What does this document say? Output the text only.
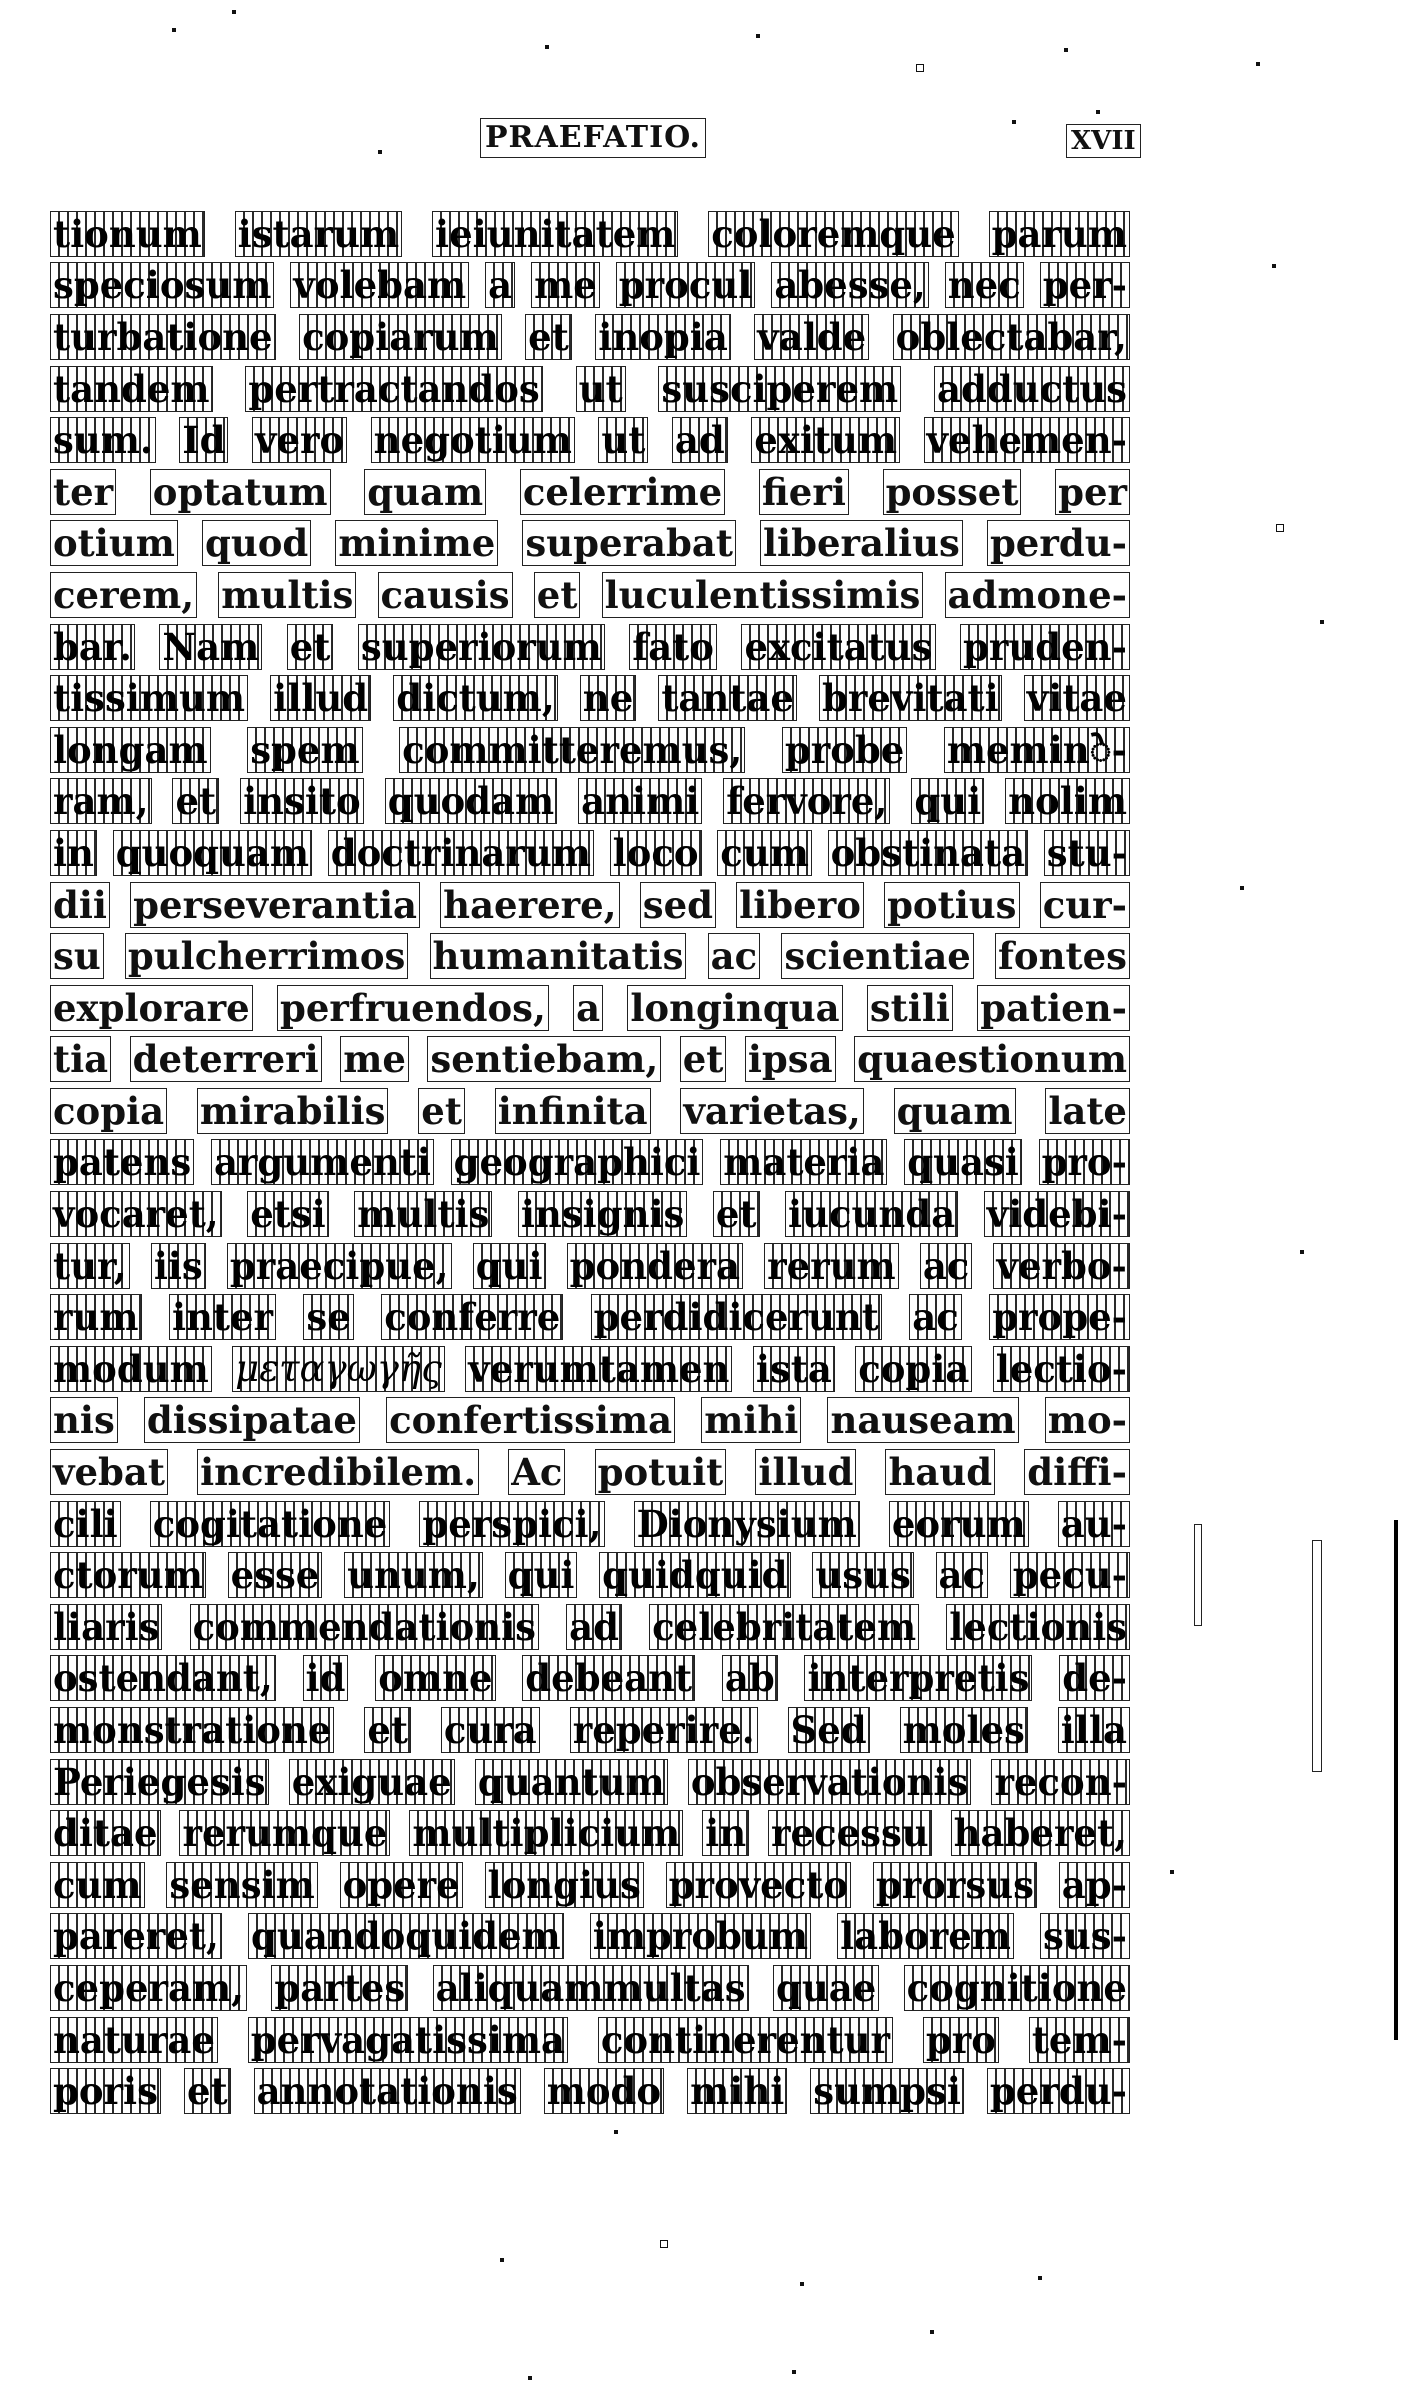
PRAEFATIO.	XVII
tionum istarum ieiunitatem coloremque parum
speciosum volebam a me procul abesse, nec per-
turbatione copiarum et inopia valde oblectabar,
tandem pertractandos ut susciperem adductus
sum. Id vero negotium ut ad exitum vehemen-
ter optatum quam celerrime fieri posset per
otium quod minime superabat liberalius perdu-
cerem, multis causis et luculentissimis admone-
bar. Nam et superiorum fato excitatus pruden-
tissimum illud dictum, ne tantae brevitati vitae
longam spem committeremus, probe meminे-
ram, et insito quodam animi fervore, qui nolim
in quoquam doctrinarum loco cum obstinata stu-
dii perseverantia haerere, sed libero potius cur-
su pulcherrimos humanitatis ac scientiae fontes
explorare perfruendos, a longinqua stili patien-
tia deterreri me sentiebam, et ipsa quaestionum
copia mirabilis et infinita varietas, quam late
patens argumenti geographici materia quasi pro-
vocaret, etsi multis insignis et iucunda videbi-
tur, iis praecipue, qui pondera rerum ac verbo-
rum inter se conferre perdidicerunt ac prope-
modum μεταγωγῆς verumtamen ista copia lectio-
nis dissipatae confertissima mihi nauseam mo-
vebat incredibilem. Ac potuit illud haud diffi-
cili cogitatione perspici, Dionysium eorum au-
ctorum esse unum, qui quidquid usus ac pecu-
liaris commendationis ad celebritatem lectionis
ostendant, id omne debeant ab interpretis de-
monstratione et cura reperire. Sed moles illa
Periegesis exiguae quantum observationis recon-
ditae rerumque multiplicium in recessu haberet,
cum sensim opere longius provecto prorsus ap-
pareret, quandoquidem improbum laborem sus-
ceperam, partes aliquammultas quae cognitione
naturae pervagatissima continerentur pro tem-
poris et annotationis modo mihi sumpsi perdu-
